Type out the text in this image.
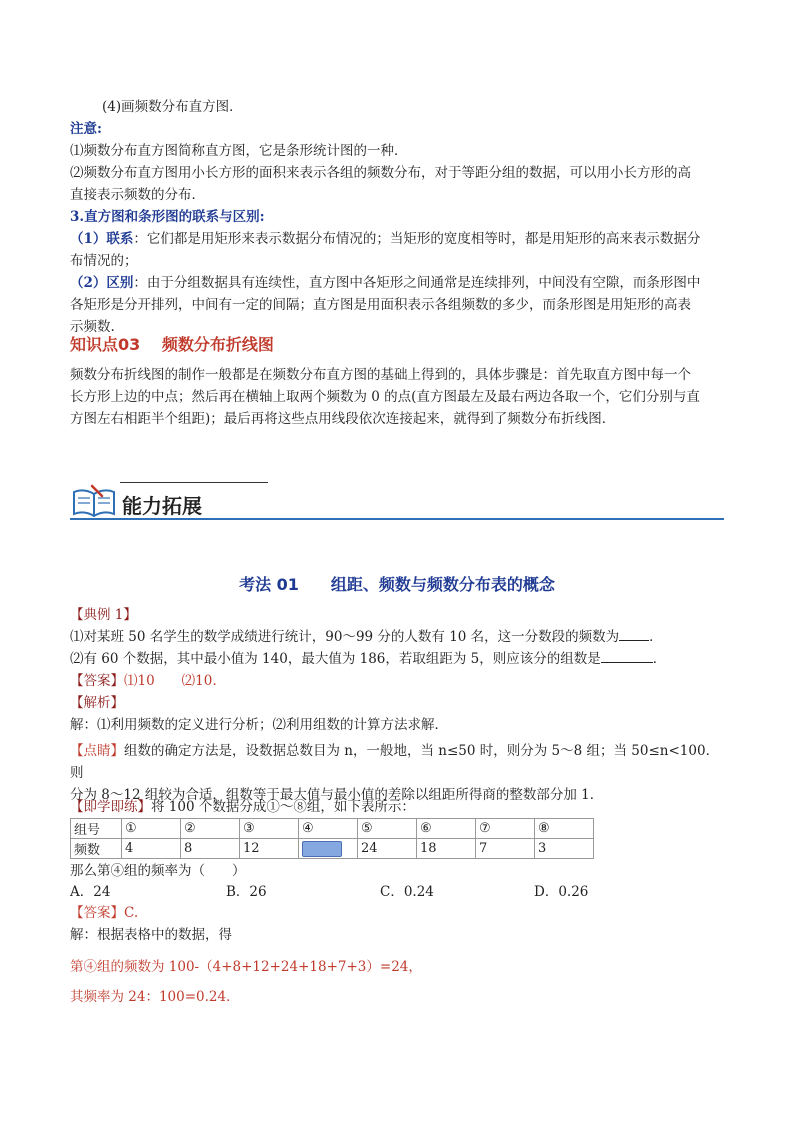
(4)画频数分布直方图．
注意:
⑴频数分布直方图简称直方图，它是条形统计图的一种．
⑵频数分布直方图用小长方形的面积来表示各组的频数分布，对于等距分组的数据，可以用小长方形的高
直接表示频数的分布．
3.直方图和条形图的联系与区别:
（1）联系：它们都是用矩形来表示数据分布情况的；当矩形的宽度相等时，都是用矩形的高来表示数据分
布情况的；
（2）区别：由于分组数据具有连续性，直方图中各矩形之间通常是连续排列，中间没有空隙，而条形图中
各矩形是分开排列，中间有一定的间隔；直方图是用面积表示各组频数的多少，而条形图是用矩形的高表
示频数.
知识点03　 频数分布折线图
频数分布折线图的制作一般都是在频数分布直方图的基础上得到的，具体步骤是：首先取直方图中每一个
长方形上边的中点；然后再在横轴上取两个频数为 0 的点(直方图最左及最右两边各取一个，它们分别与直
方图左右相距半个组距)；最后再将这些点用线段依次连接起来，就得到了频数分布折线图．
能力拓展
考法 01　　组距、频数与频数分布表的概念
【典例 1】
⑴对某班 50 名学生的数学成绩进行统计，90～99 分的人数有 10 名，这一分数段的频数为 ．
⑵有 60 个数据，其中最小值为 140，最大值为 186，若取组距为 5，则应该分的组数是	．
【答案】⑴10　　⑵10.
【解析】
解：⑴利用频数的定义进行分析；⑵利用组数的计算方法求解．
【点睛】组数的确定方法是，设数据总数目为 n，一般地，当 n≤50 时，则分为 5～8 组；当 50≤n<100．则
分为 8～12 组较为合适，组数等于最大值与最小值的差除以组距所得商的整数部分加 1．
【即学即练】将 100 个数据分成①～⑧组，如下表所示：
组号	①	②	③	④	⑤	⑥	⑦	⑧
频数	4	8	12		24	18	7	3
那么第④组的频率为（　　）
A．24	B．26	C．0.24	D．0.26
【答案】C.
解：根据表格中的数据，得
第④组的频数为 100-（4+8+12+24+18+7+3）=24，
其频率为 24：100=0.24．
